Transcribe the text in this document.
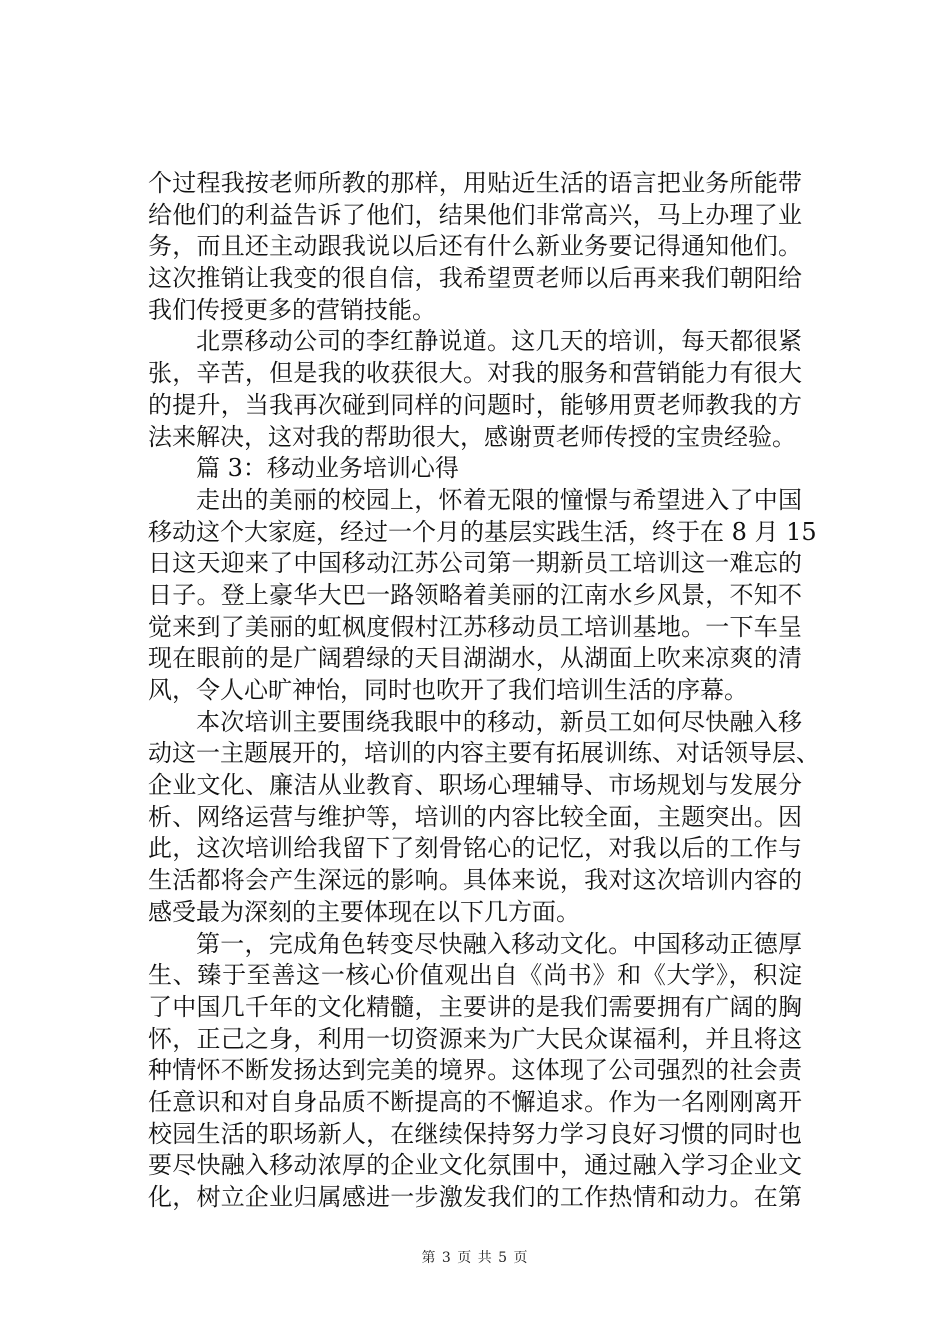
个过程我按老师所教的那样，用贴近生活的语言把业务所能带
给他们的利益告诉了他们，结果他们非常高兴，马上办理了业
务，而且还主动跟我说以后还有什么新业务要记得通知他们。
这次推销让我变的很自信，我希望贾老师以后再来我们朝阳给
我们传授更多的营销技能。
北票移动公司的李红静说道。这几天的培训，每天都很紧
张，辛苦，但是我的收获很大。对我的服务和营销能力有很大
的提升，当我再次碰到同样的问题时，能够用贾老师教我的方
法来解决，这对我的帮助很大，感谢贾老师传授的宝贵经验。
篇 3：移动业务培训心得
走出的美丽的校园上，怀着无限的憧憬与希望进入了中国
移动这个大家庭，经过一个月的基层实践生活，终于在 8 月 15
日这天迎来了中国移动江苏公司第一期新员工培训这一难忘的
日子。登上豪华大巴一路领略着美丽的江南水乡风景，不知不
觉来到了美丽的虹枫度假村江苏移动员工培训基地。一下车呈
现在眼前的是广阔碧绿的天目湖湖水，从湖面上吹来凉爽的清
风，令人心旷神怡，同时也吹开了我们培训生活的序幕。
本次培训主要围绕我眼中的移动，新员工如何尽快融入移
动这一主题展开的，培训的内容主要有拓展训练、对话领导层、
企业文化、廉洁从业教育、职场心理辅导、市场规划与发展分
析、网络运营与维护等，培训的内容比较全面，主题突出。因
此，这次培训给我留下了刻骨铭心的记忆，对我以后的工作与
生活都将会产生深远的影响。具体来说，我对这次培训内容的
感受最为深刻的主要体现在以下几方面。
第一，完成角色转变尽快融入移动文化。中国移动正德厚
生、臻于至善这一核心价值观出自《尚书》和《大学》，积淀
了中国几千年的文化精髓，主要讲的是我们需要拥有广阔的胸
怀，正己之身，利用一切资源来为广大民众谋福利，并且将这
种情怀不断发扬达到完美的境界。这体现了公司强烈的社会责
任意识和对自身品质不断提高的不懈追求。作为一名刚刚离开
校园生活的职场新人，在继续保持努力学习良好习惯的同时也
要尽快融入移动浓厚的企业文化氛围中，通过融入学习企业文
化，树立企业归属感进一步激发我们的工作热情和动力。在第
第 3 页 共 5 页
